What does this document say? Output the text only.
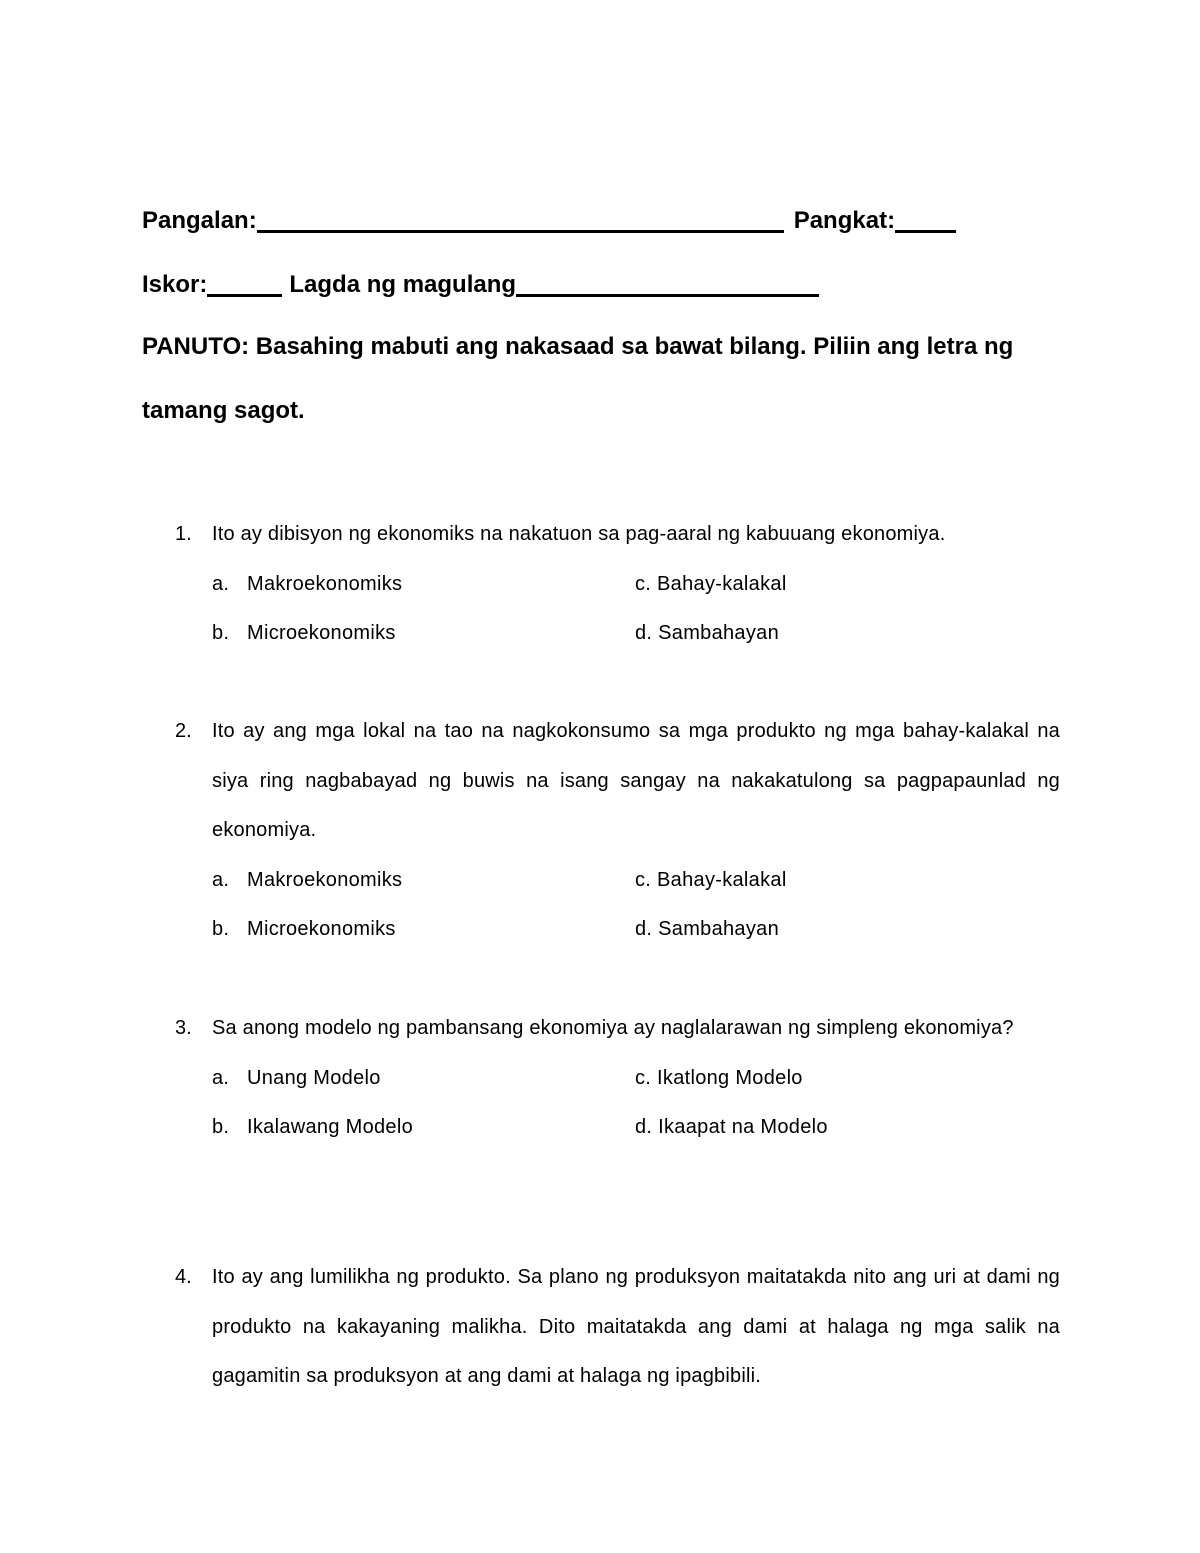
Pangalan:	Pangkat:
Iskor:	Lagda ng magulang
PANUTO: Basahing mabuti ang nakasaad sa bawat bilang. Piliin ang letra ng tamang sagot.
1.	Ito ay dibisyon ng ekonomiks na nakatuon sa pag-aaral ng kabuuang ekonomiya.
a. Makroekonomiks	c. Bahay-kalakal
b. Microekonomiks	d. Sambahayan
2.	Ito ay ang mga lokal na tao na nagkokonsumo sa mga produkto ng mga bahay-kalakal na siya ring nagbabayad ng buwis na isang sangay na nakakatulong sa pagpapaunlad ng ekonomiya.
a. Makroekonomiks	c. Bahay-kalakal
b. Microekonomiks	d. Sambahayan
3.	Sa anong modelo ng pambansang ekonomiya ay naglalarawan ng simpleng ekonomiya?
a. Unang Modelo	c. Ikatlong Modelo
b. Ikalawang Modelo	d. Ikaapat na Modelo
4.	Ito ay ang lumilikha ng produkto. Sa plano ng produksyon maitatakda nito ang uri at dami ng produkto na kakayaning malikha. Dito maitatakda ang dami at halaga ng mga salik na gagamitin sa produksyon at ang dami at halaga ng ipagbibili.
